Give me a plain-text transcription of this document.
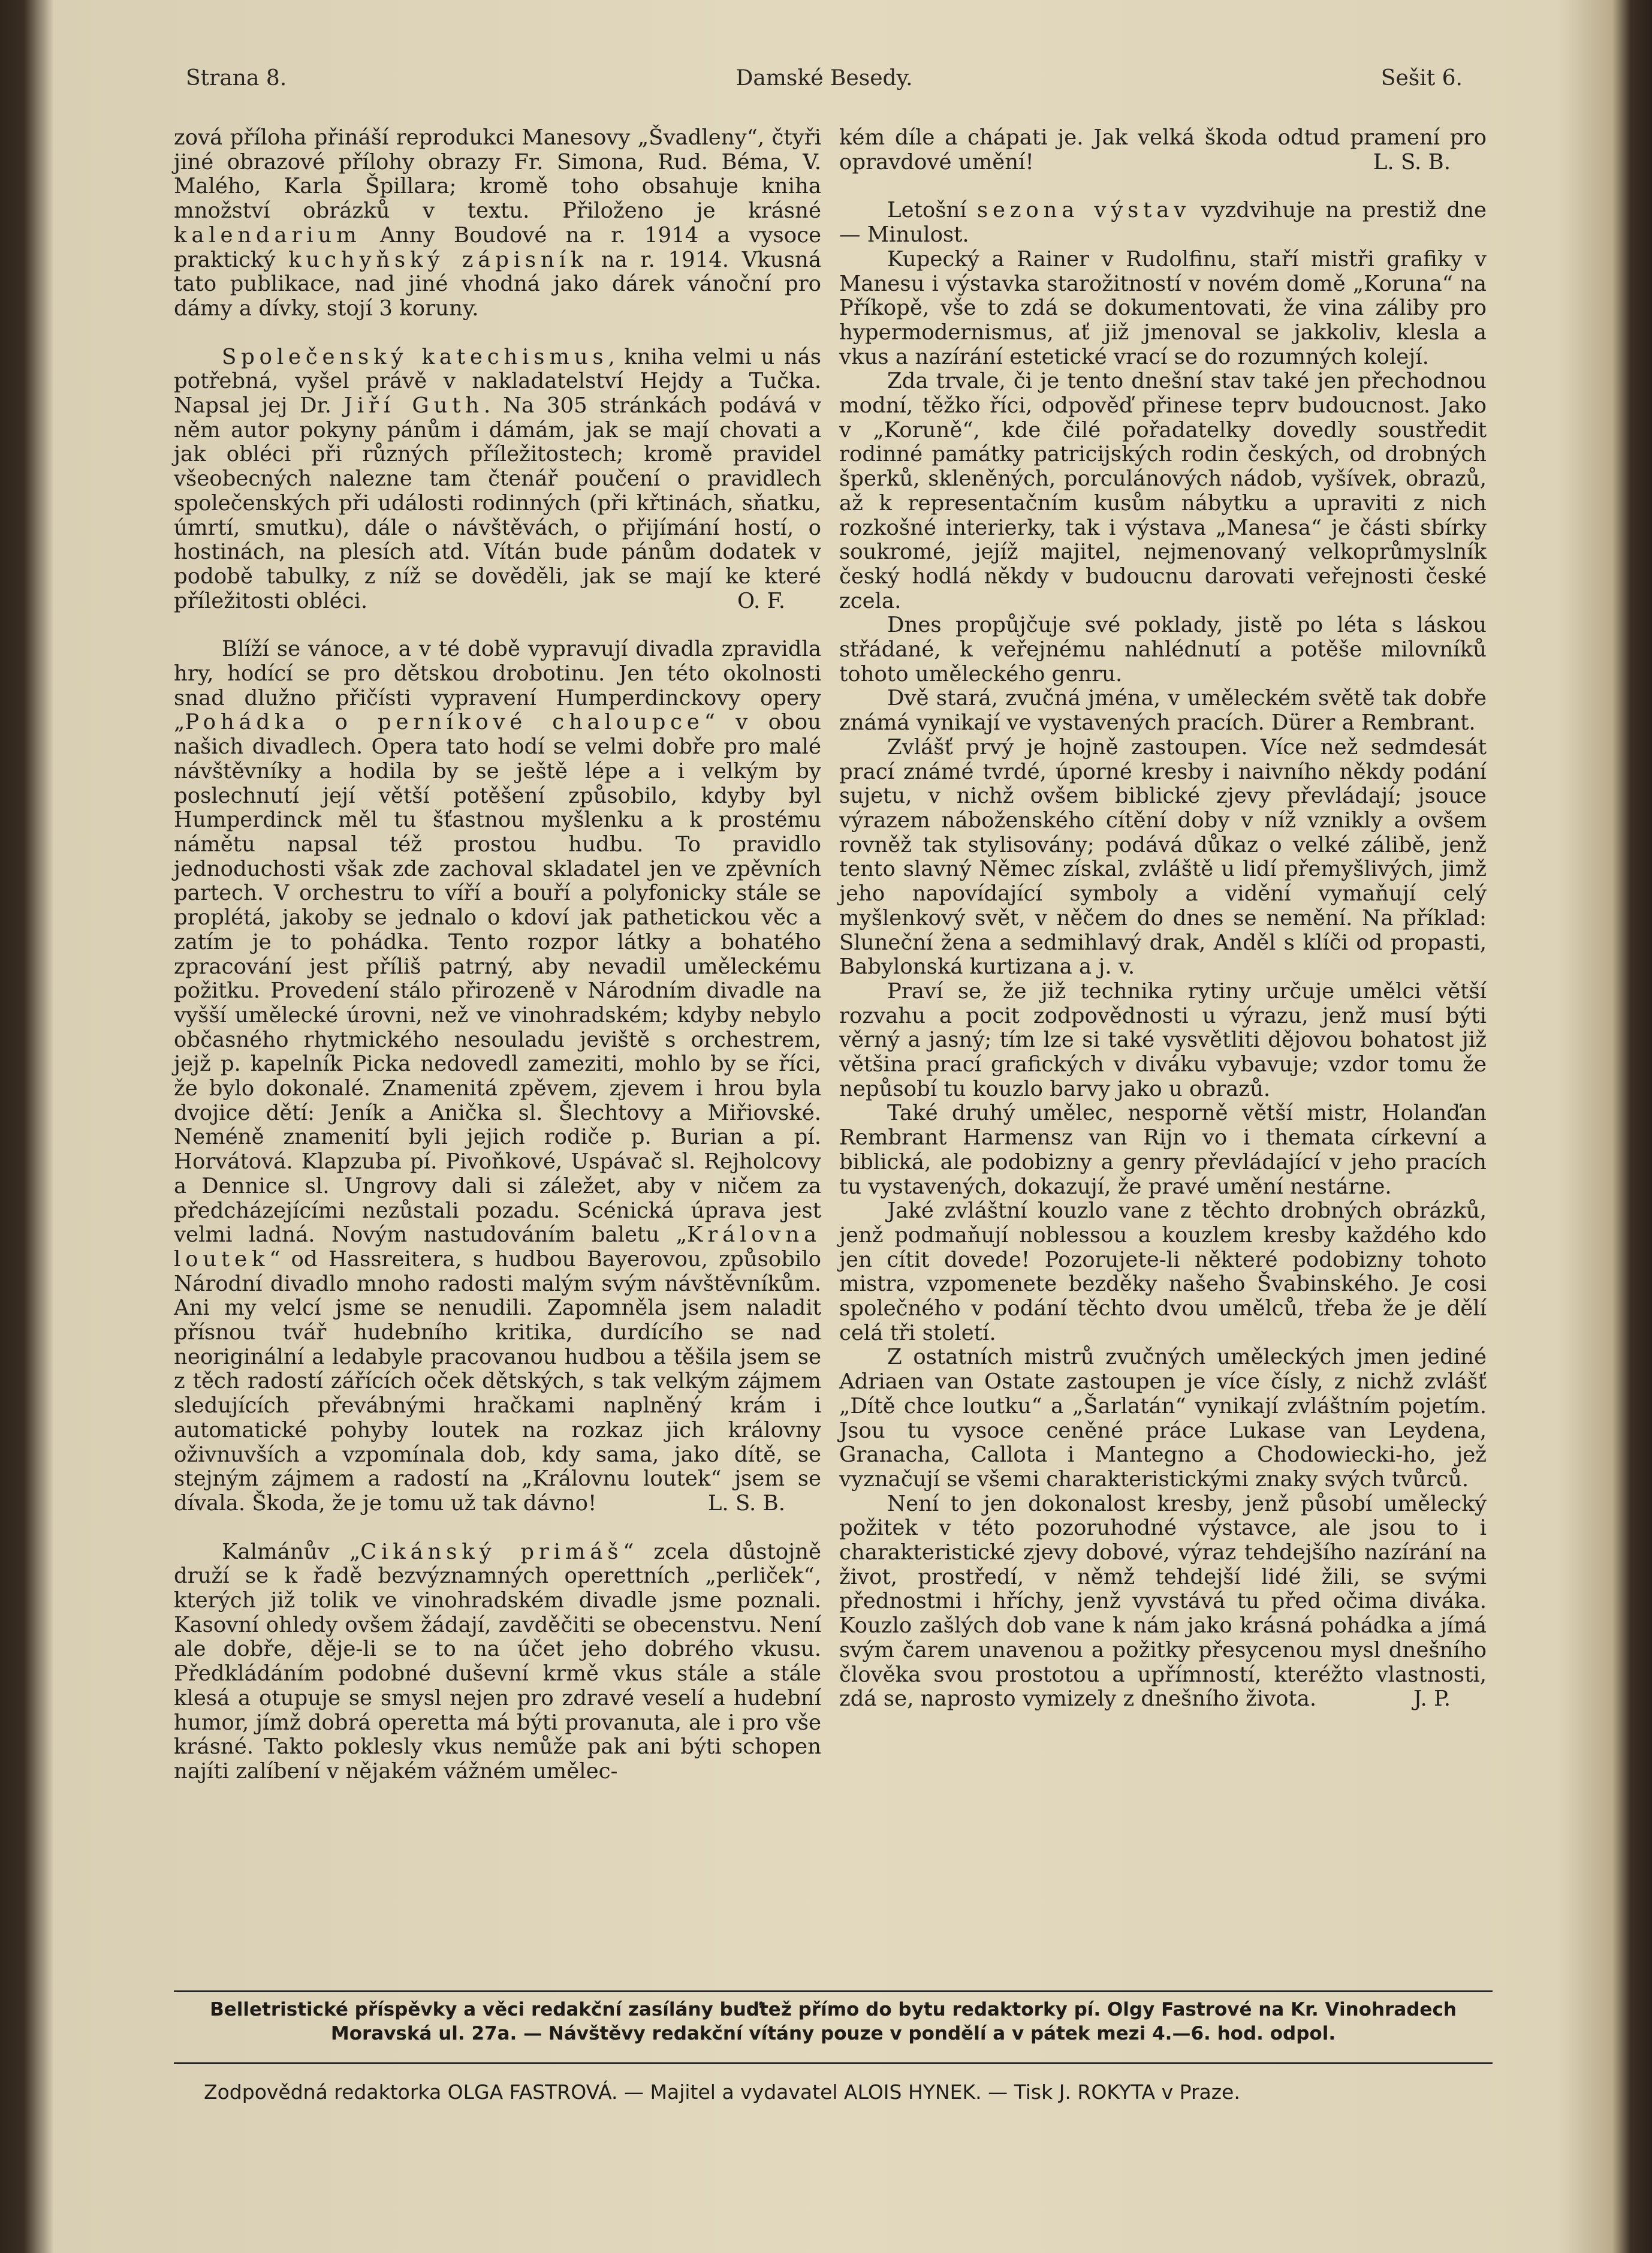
Strana 8.	Damské Besedy.	Sešit 6.

zová příloha přináší reprodukci Manesovy „Švadleny“, čtyři jiné obrazové přílohy obrazy Fr. Simona, Rud. Béma, V. Malého, Karla Špillara; kromě toho obsahuje kniha množství obrázků v textu. Přiloženo je krásné kalendarium Anny Boudové na r. 1914 a vysoce praktický kuchyňský zápisník na r. 1914. Vkusná tato publikace, nad jiné vhodná jako dárek vánoční pro dámy a dívky, stojí 3 koruny.

Společenský katechismus, kniha velmi u nás potřebná, vyšel právě v nakladatelství Hejdy a Tučka. Napsal jej Dr. Jiří Guth. Na 305 stránkách podává v něm autor pokyny pánům i dámám, jak se mají chovati a jak obléci při různých příležitostech; kromě pravidel všeobecných nalezne tam čtenář poučení o pravidlech společenských při události rodinných (při křtinách, sňatku, úmrtí, smutku), dále o návštěvách, o přijímání hostí, o hostinách, na plesích atd. Vítán bude pánům dodatek v podobě tabulky, z níž se dověděli, jak se mají ke které příležitosti obléci.	O. F.

Blíží se vánoce, a v té době vypravují divadla zpravidla hry, hodící se pro dětskou drobotinu. Jen této okolnosti snad dlužno přičísti vypravení Humperdinckovy opery „Pohádka o perníkové chaloupce“ v obou našich divadlech. Opera tato hodí se velmi dobře pro malé návštěvníky a hodila by se ještě lépe a i velkým by poslechnutí její větší potěšení způsobilo, kdyby byl Humperdinck měl tu šťastnou myšlenku a k prostému námětu napsal též prostou hudbu. To pravidlo jednoduchosti však zde zachoval skladatel jen ve zpěvních partech. V orchestru to víří a bouří a polyfonicky stále se proplétá, jakoby se jednalo o kdoví jak pathetickou věc a zatím je to pohádka. Tento rozpor látky a bohatého zpracování jest příliš patrný, aby nevadil uměleckému požitku. Provedení stálo přirozeně v Národním divadle na vyšší umělecké úrovni, než ve vinohradském; kdyby nebylo občasného rhytmického nesouladu jeviště s orchestrem, jejž p. kapelník Picka nedovedl zameziti, mohlo by se říci, že bylo dokonalé. Znamenitá zpěvem, zjevem i hrou byla dvojice dětí: Jeník a Anička sl. Šlechtovy a Miřiovské. Neméně znamenití byli jejich rodiče p. Burian a pí. Horvátová. Klapzuba pí. Pivoňkové, Uspávač sl. Rejholcovy a Dennice sl. Ungrovy dali si záležet, aby v ničem za předcházejícími nezůstali pozadu. Scénická úprava jest velmi ladná. Novým nastudováním baletu „Královna loutek“ od Hassreitera, s hudbou Bayerovou, způsobilo Národní divadlo mnoho radosti malým svým návštěvníkům. Ani my velcí jsme se nenudili. Zapomněla jsem naladit přísnou tvář hudebního kritika, durdícího se nad neoriginální a ledabyle pracovanou hudbou a těšila jsem se z těch radostí zářících oček dětských, s tak velkým zájmem sledujících převábnými hračkami naplněný krám i automatické pohyby loutek na rozkaz jich královny oživnuvších a vzpomínala dob, kdy sama, jako dítě, se stejným zájmem a radostí na „Královnu loutek“ jsem se dívala. Škoda, že je tomu už tak dávno!	L. S. B.

Kalmánův „Cikánský primáš“ zcela důstojně druží se k řadě bezvýznamných operettních „perliček“, kterých již tolik ve vinohradském divadle jsme poznali. Kasovní ohledy ovšem žádají, zavděčiti se obecenstvu. Není ale dobře, děje-li se to na účet jeho dobrého vkusu. Předkládáním podobné duševní krmě vkus stále a stále klesá a otupuje se smysl nejen pro zdravé veselí a hudební humor, jímž dobrá operetta má býti provanuta, ale i pro vše krásné. Takto poklesly vkus nemůže pak ani býti schopen najíti zalíbení v nějakém vážném umělec-

kém díle a chápati je. Jak velká škoda odtud pramení pro opravdové umění!	L. S. B.

Letošní sezona výstav vyzdvihuje na prestiž dne — Minulost.

Kupecký a Rainer v Rudolfinu, staří mistři grafiky v Manesu i výstavka starožitností v novém domě „Koruna“ na Příkopě, vše to zdá se dokumentovati, že vina záliby pro hypermodernismus, ať již jmenoval se jakkoliv, klesla a vkus a nazírání estetické vrací se do rozumných kolejí.

Zda trvale, či je tento dnešní stav také jen přechodnou modní, těžko říci, odpověď přinese teprv budoucnost. Jako v „Koruně“, kde čilé pořadatelky dovedly soustředit rodinné památky patricijských rodin českých, od drobných šperků, skleněných, porculánových nádob, vyšívek, obrazů, až k representačním kusům nábytku a upraviti z nich rozkošné interierky, tak i výstava „Manesa“ je části sbírky soukromé, jejíž majitel, nejmenovaný velkoprůmyslník český hodlá někdy v budoucnu darovati veřejnosti české zcela.

Dnes propůjčuje své poklady, jistě po léta s láskou střádané, k veřejnému nahlédnutí a potěše milovníků tohoto uměleckého genru.

Dvě stará, zvučná jména, v uměleckém světě tak dobře známá vynikají ve vystavených pracích. Dürer a Rembrant.

Zvlášť prvý je hojně zastoupen. Více než sedmdesát prací známé tvrdé, úporné kresby i naivního někdy podání sujetu, v nichž ovšem biblické zjevy převládají; jsouce výrazem náboženského cítění doby v níž vznikly a ovšem rovněž tak stylisovány; podává důkaz o velké zálibě, jenž tento slavný Němec získal, zvláště u lidí přemyšlivých, jimž jeho napovídající symboly a vidění vymaňují celý myšlenkový svět, v něčem do dnes se nemění. Na příklad: Sluneční žena a sedmihlavý drak, Anděl s klíči od propasti, Babylonská kurtizana a j. v.

Praví se, že již technika rytiny určuje umělci větší rozvahu a pocit zodpovědnosti u výrazu, jenž musí býti věrný a jasný; tím lze si také vysvětliti dějovou bohatost již většina prací grafických v diváku vybavuje; vzdor tomu že nepůsobí tu kouzlo barvy jako u obrazů.

Také druhý umělec, nesporně větší mistr, Holanďan Rembrant Harmensz van Rijn vo i themata církevní a biblická, ale podobizny a genry převládající v jeho pracích tu vystavených, dokazují, že pravé umění nestárne.

Jaké zvláštní kouzlo vane z těchto drobných obrázků, jenž podmaňují noblessou a kouzlem kresby každého kdo jen cítit dovede! Pozorujete-li některé podobizny tohoto mistra, vzpomenete bezděky našeho Švabinského. Je cosi společného v podání těchto dvou umělců, třeba že je dělí celá tři století.

Z ostatních mistrů zvučných uměleckých jmen jediné Adriaen van Ostate zastoupen je více čísly, z nichž zvlášť „Dítě chce loutku“ a „Šarlatán“ vynikají zvláštním pojetím. Jsou tu vysoce ceněné práce Lukase van Leydena, Granacha, Callota i Mantegno a Chodowiecki-ho, jež vyznačují se všemi charakteristickými znaky svých tvůrců.

Není to jen dokonalost kresby, jenž působí umělecký požitek v této pozoruhodné výstavce, ale jsou to i charakteristické zjevy dobové, výraz tehdejšího nazírání na život, prostředí, v němž tehdejší lidé žili, se svými přednostmi i hříchy, jenž vyvstává tu před očima diváka. Kouzlo zašlých dob vane k nám jako krásná pohádka a jímá svým čarem unavenou a požitky přesycenou mysl dnešního člověka svou prostotou a upřímností, kteréžto vlastnosti, zdá se, naprosto vymizely z dnešního života.	J. P.

Belletristické příspěvky a věci redakční zasílány buďtež přímo do bytu redaktorky pí. Olgy Fastrové na Kr. Vinohradech
Moravská ul. 27a. — Návštěvy redakční vítány pouze v pondělí a v pátek mezi 4.—6. hod. odpol.
Zodpovědná redaktorka OLGA FASTROVÁ. — Majitel a vydavatel ALOIS HYNEK. — Tisk J. ROKYTA v Praze.
